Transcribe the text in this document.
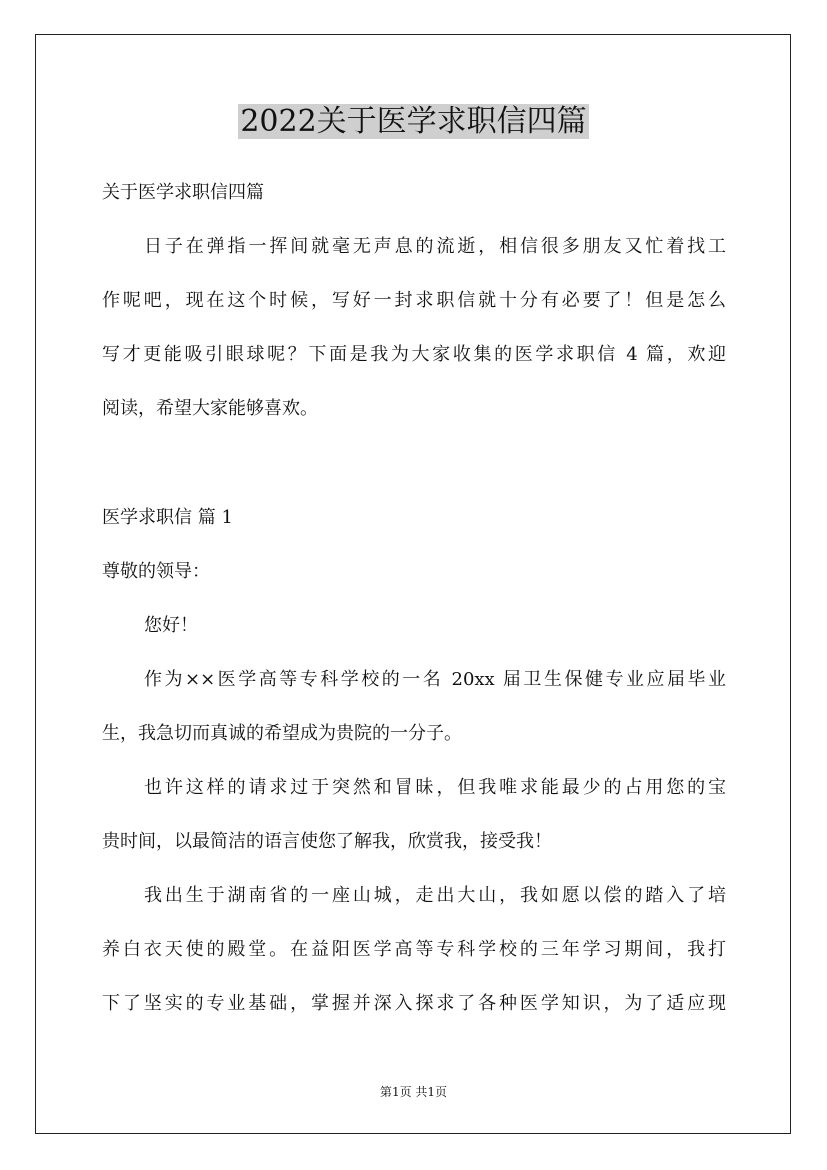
2022关于医学求职信四篇
关于医学求职信四篇
日子在弹指一挥间就毫无声息的流逝，相信很多朋友又忙着找工
作呢吧，现在这个时候，写好一封求职信就十分有必要了！但是怎么
写才更能吸引眼球呢？下面是我为大家收集的医学求职信 4 篇，欢迎
阅读，希望大家能够喜欢。
医学求职信 篇 1
尊敬的领导：
您好！
作为××医学高等专科学校的一名 20xx 届卫生保健专业应届毕业
生，我急切而真诚的希望成为贵院的一分子。
也许这样的请求过于突然和冒昧，但我唯求能最少的占用您的宝
贵时间，以最简洁的语言使您了解我，欣赏我，接受我！
我出生于湖南省的一座山城，走出大山，我如愿以偿的踏入了培
养白衣天使的殿堂。在益阳医学高等专科学校的三年学习期间，我打
下了坚实的专业基础，掌握并深入探求了各种医学知识，为了适应现
第1页 共1页
